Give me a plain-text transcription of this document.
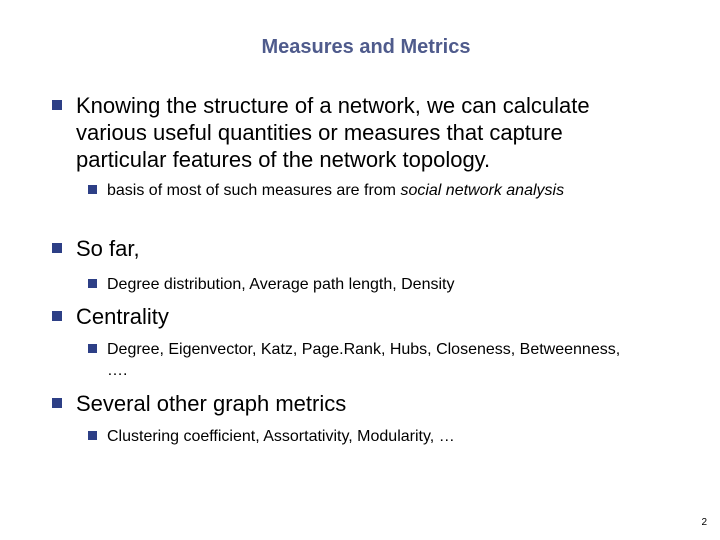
Measures and Metrics
Knowing the structure of a network, we can calculate various useful quantities or measures that capture particular features of the network topology.
basis of most of such measures are from social network analysis
So far,
Degree distribution, Average path length, Density
Centrality
Degree, Eigenvector, Katz, Page.Rank, Hubs, Closeness, Betweenness, ….
Several other graph metrics
Clustering coefficient, Assortativity, Modularity, …
2
